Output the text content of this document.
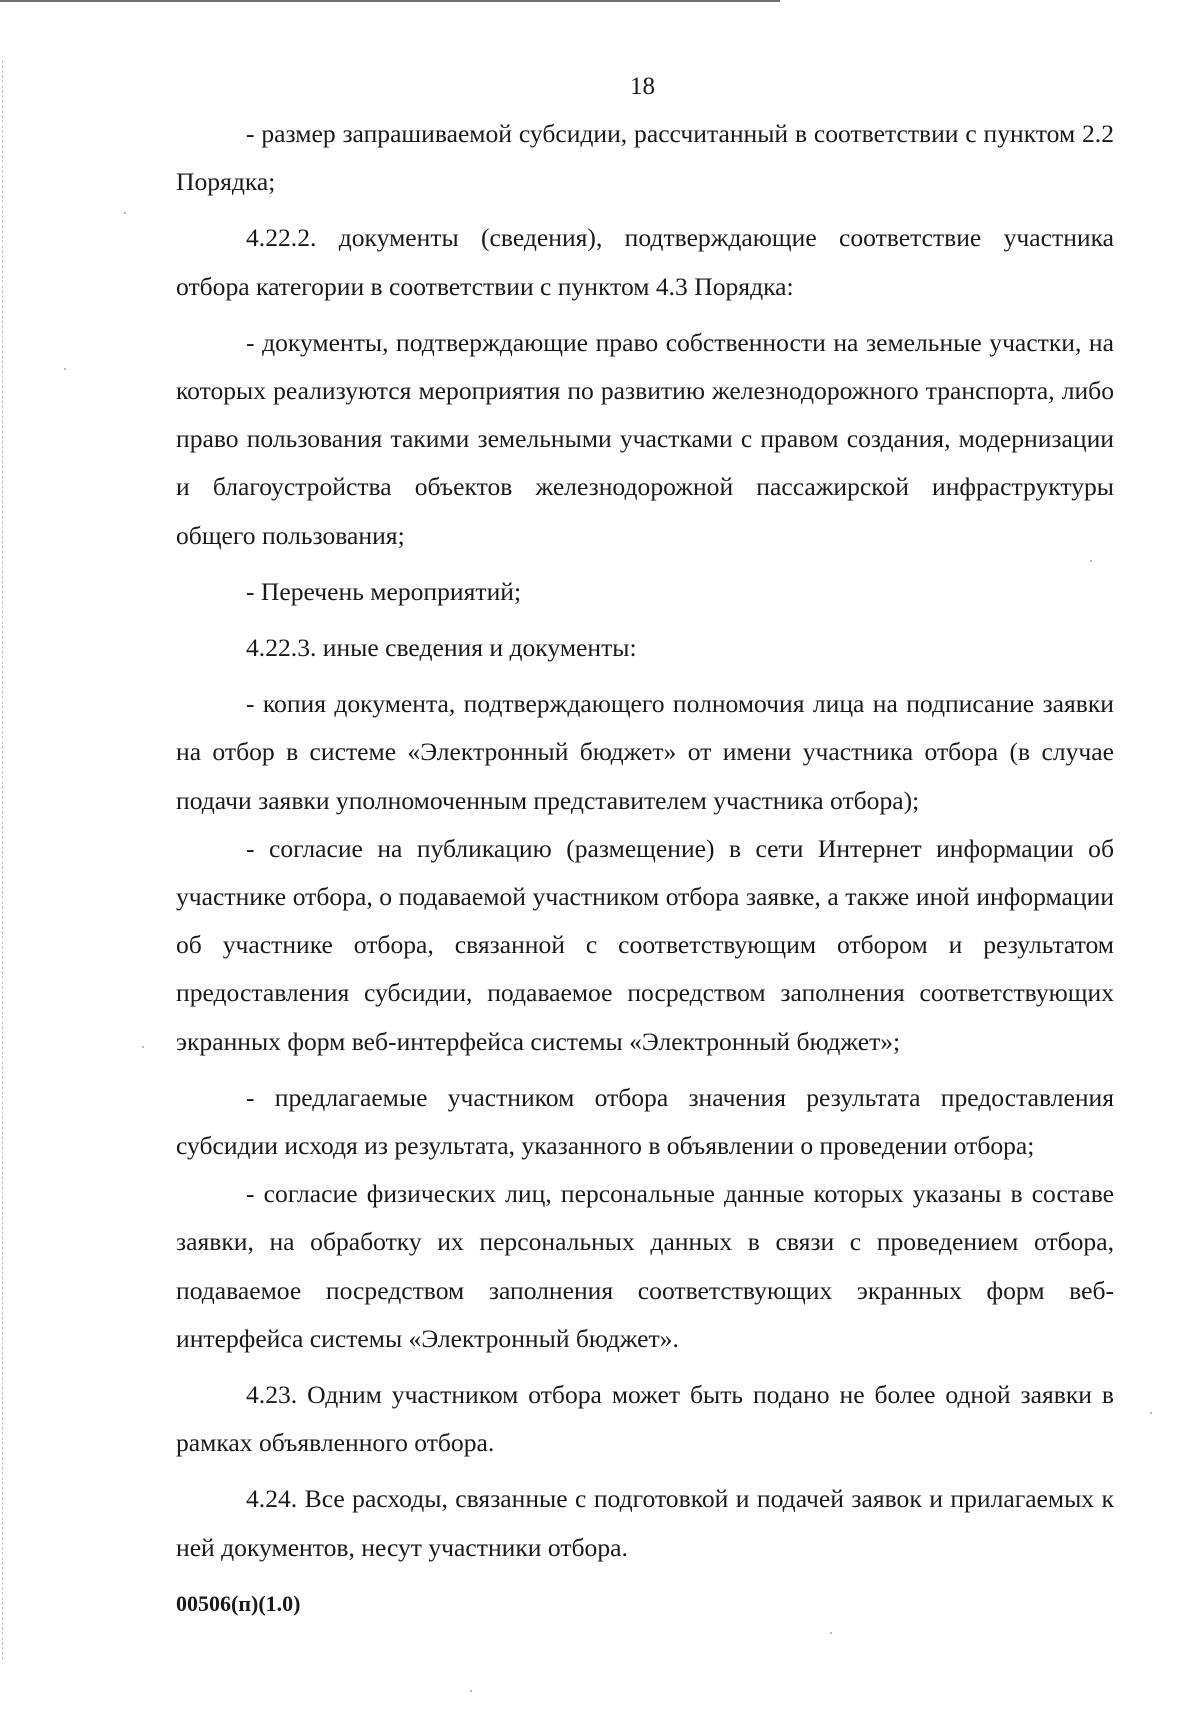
18

- размер запрашиваемой субсидии, рассчитанный в соответствии с пунктом 2.2 Порядка;

4.22.2. документы (сведения), подтверждающие соответствие участника отбора категории в соответствии с пунктом 4.3 Порядка:

- документы, подтверждающие право собственности на земельные участки, на которых реализуются мероприятия по развитию железнодорожного транспорта, либо право пользования такими земельными участками с правом создания, модернизации и благоустройства объектов железнодорожной пассажирской инфраструктуры общего пользования;

- Перечень мероприятий;

4.22.3. иные сведения и документы:

- копия документа, подтверждающего полномочия лица на подписание заявки на отбор в системе «Электронный бюджет» от имени участника отбора (в случае подачи заявки уполномоченным представителем участника отбора);

- согласие на публикацию (размещение) в сети Интернет информации об участнике отбора, о подаваемой участником отбора заявке, а также иной информации об участнике отбора, связанной с соответствующим отбором и результатом предоставления субсидии, подаваемое посредством заполнения соответствующих экранных форм веб-интерфейса системы «Электронный бюджет»;

- предлагаемые участником отбора значения результата предоставления субсидии исходя из результата, указанного в объявлении о проведении отбора;

- согласие физических лиц, персональные данные которых указаны в составе заявки, на обработку их персональных данных в связи с проведением отбора, подаваемое посредством заполнения соответствующих экранных форм веб-интерфейса системы «Электронный бюджет».

4.23. Одним участником отбора может быть подано не более одной заявки в рамках объявленного отбора.

4.24. Все расходы, связанные с подготовкой и подачей заявок и прилагаемых к ней документов, несут участники отбора.

00506(п)(1.0)
